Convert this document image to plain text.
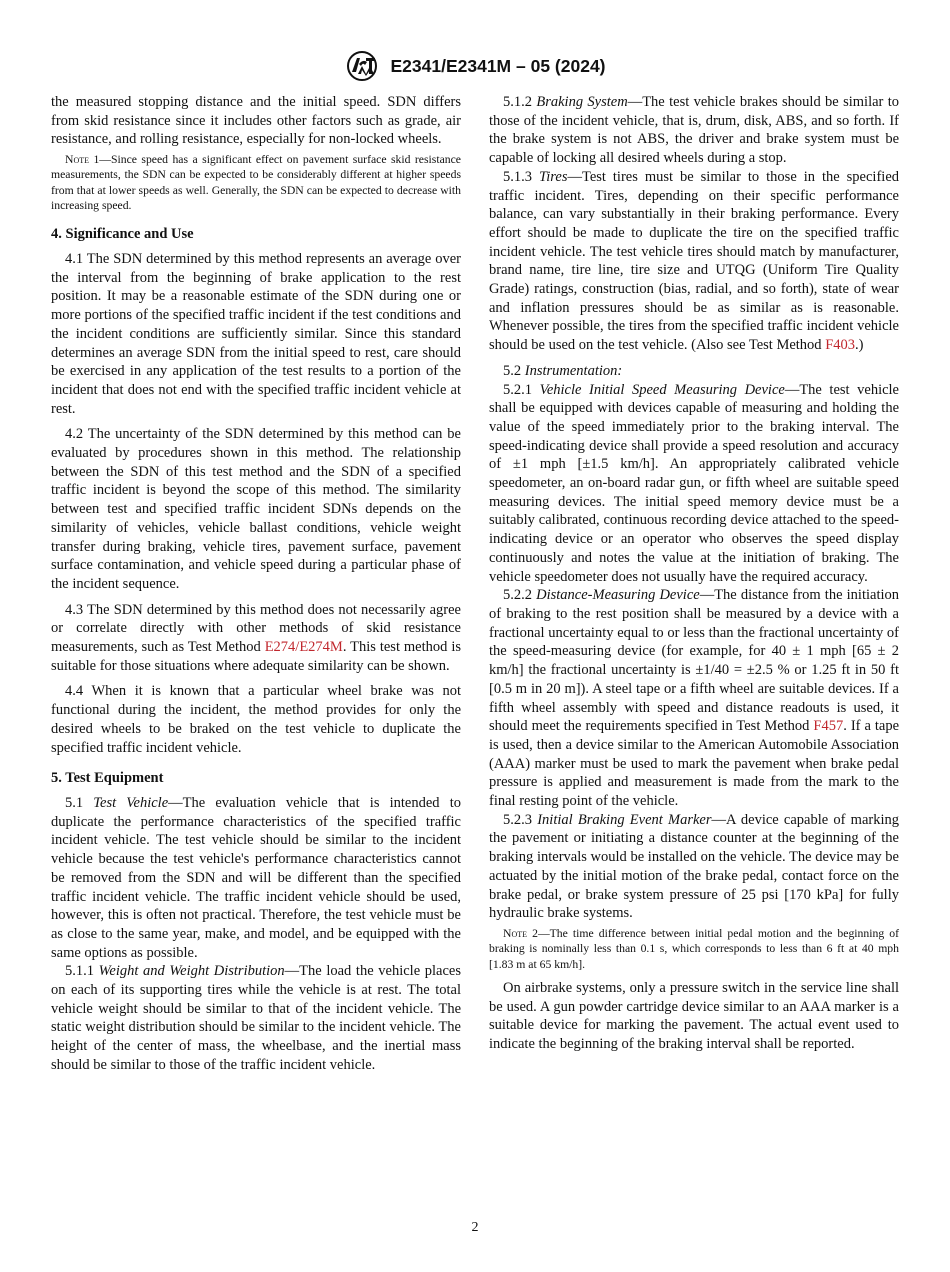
E2341/E2341M – 05 (2024)

the measured stopping distance and the initial speed. SDN differs from skid resistance since it includes other factors such as grade, air resistance, and rolling resistance, especially for non-locked wheels.

Note 1—Since speed has a significant effect on pavement surface skid resistance measurements, the SDN can be expected to be considerably different at higher speeds from that at lower speeds as well. Generally, the SDN can be expected to decrease with increasing speed.

4. Significance and Use

4.1 The SDN determined by this method represents an average over the interval from the beginning of brake application to the rest position. It may be a reasonable estimate of the SDN during one or more portions of the specified traffic incident if the test conditions and the incident conditions are sufficiently similar. Since this standard determines an average SDN from the initial speed to rest, care should be exercised in any application of the test results to a portion of the incident that does not end with the specified traffic incident vehicle at rest.

4.2 The uncertainty of the SDN determined by this method can be evaluated by procedures shown in this method. The relationship between the SDN of this test method and the SDN of a specified traffic incident is beyond the scope of this method. The similarity between test and specified traffic incident SDNs depends on the similarity of vehicles, vehicle ballast conditions, vehicle weight transfer during braking, vehicle tires, pavement surface, pavement surface contamination, and vehicle speed during a particular phase of the incident sequence.

4.3 The SDN determined by this method does not necessarily agree or correlate directly with other methods of skid resistance measurements, such as Test Method E274/E274M. This test method is suitable for those situations where adequate similarity can be shown.

4.4 When it is known that a particular wheel brake was not functional during the incident, the method provides for only the desired wheels to be braked on the test vehicle to duplicate the specified traffic incident vehicle.

5. Test Equipment

5.1 Test Vehicle—The evaluation vehicle that is intended to duplicate the performance characteristics of the specified traffic incident vehicle. The test vehicle should be similar to the incident vehicle because the test vehicle's performance characteristics cannot be removed from the SDN and will be different than the specified traffic incident vehicle. The traffic incident vehicle should be used, however, this is often not practical. Therefore, the test vehicle must be as close to the same year, make, and model, and be equipped with the same options as possible.

5.1.1 Weight and Weight Distribution—The load the vehicle places on each of its supporting tires while the vehicle is at rest. The total vehicle weight should be similar to that of the incident vehicle. The static weight distribution should be similar to the incident vehicle. The height of the center of mass, the wheelbase, and the inertial mass should be similar to those of the traffic incident vehicle.

5.1.2 Braking System—The test vehicle brakes should be similar to those of the incident vehicle, that is, drum, disk, ABS, and so forth. If the brake system is not ABS, the driver and brake system must be capable of locking all desired wheels during a stop.

5.1.3 Tires—Test tires must be similar to those in the specified traffic incident. Tires, depending on their specific performance balance, can vary substantially in their braking performance. Every effort should be made to duplicate the tire on the specified traffic incident vehicle. The test vehicle tires should match by manufacturer, brand name, tire line, tire size and UTQG (Uniform Tire Quality Grade) ratings, construction (bias, radial, and so forth), state of wear and inflation pressures should be as similar as is reasonable. Whenever possible, the tires from the specified traffic incident vehicle should be used on the test vehicle. (Also see Test Method F403.)

5.2 Instrumentation:

5.2.1 Vehicle Initial Speed Measuring Device—The test vehicle shall be equipped with devices capable of measuring and holding the value of the speed immediately prior to the braking interval. The speed-indicating device shall provide a speed resolution and accuracy of ±1 mph [±1.5 km/h]. An appropriately calibrated vehicle speedometer, an on-board radar gun, or fifth wheel are suitable speed measuring devices. The initial speed memory device must be a suitably calibrated, continuous recording device attached to the speed-indicating device or an operator who observes the speed display continuously and notes the value at the initiation of braking. The vehicle speedometer does not usually have the required accuracy.

5.2.2 Distance-Measuring Device—The distance from the initiation of braking to the rest position shall be measured by a device with a fractional uncertainty equal to or less than the fractional uncertainty of the speed-measuring device (for example, for 40 ± 1 mph [65 ± 2 km/h] the fractional uncertainty is ±1/40 = ±2.5 % or 1.25 ft in 50 ft [0.5 m in 20 m]). A steel tape or a fifth wheel are suitable devices. If a fifth wheel assembly with speed and distance readouts is used, it should meet the requirements specified in Test Method F457. If a tape is used, then a device similar to the American Automobile Association (AAA) marker must be used to mark the pavement when brake pedal pressure is applied and measurement is made from the mark to the final resting point of the vehicle.

5.2.3 Initial Braking Event Marker—A device capable of marking the pavement or initiating a distance counter at the beginning of the braking intervals would be installed on the vehicle. The device may be actuated by the initial motion of the brake pedal, contact force on the brake pedal, or brake system pressure of 25 psi [170 kPa] for fully hydraulic brake systems.

Note 2—The time difference between initial pedal motion and the beginning of braking is nominally less than 0.1 s, which corresponds to less than 6 ft at 40 mph [1.83 m at 65 km/h].

On airbrake systems, only a pressure switch in the service line shall be used. A gun powder cartridge device similar to an AAA marker is a suitable device for marking the pavement. The actual event used to indicate the beginning of the braking interval shall be reported.

2
